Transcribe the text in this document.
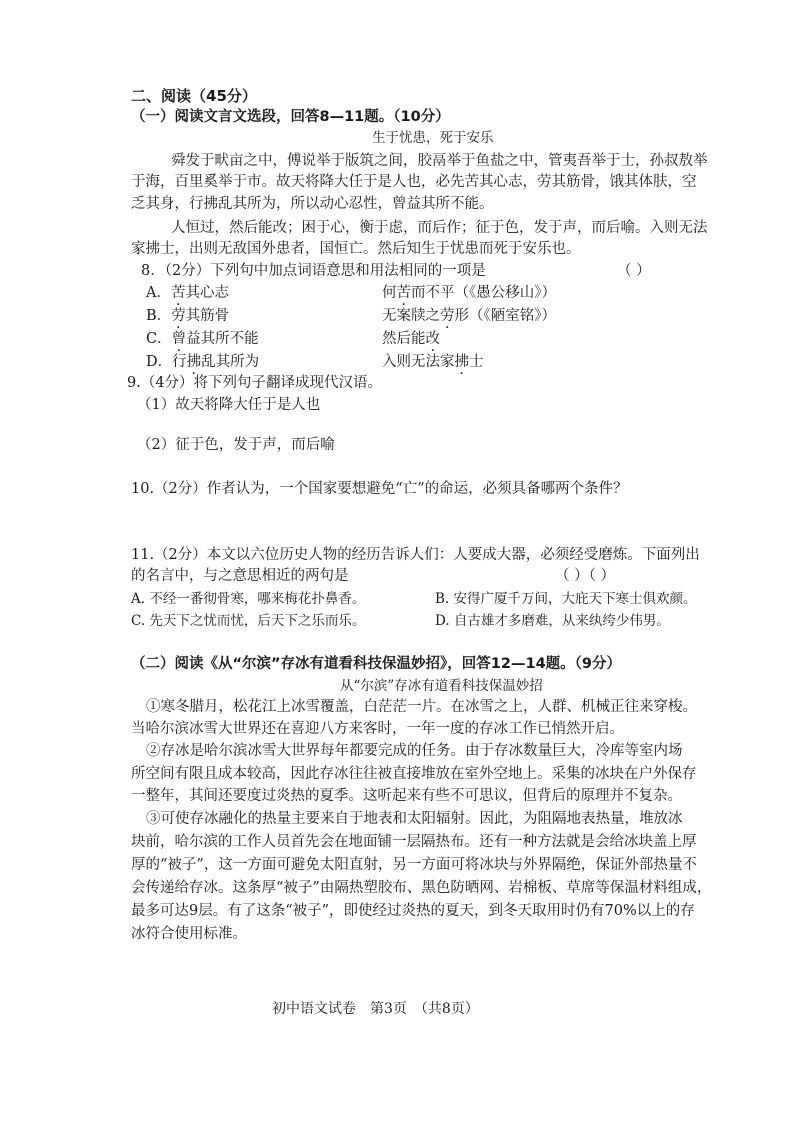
二、阅读（45分）
（一）阅读文言文选段，回答8—11题。（10分）
生于忧患，死于安乐
舜发于畎亩之中，傅说举于版筑之间，胶鬲举于鱼盐之中，管夷吾举于士，孙叔敖举
于海，百里奚举于市。故天将降大任于是人也，必先苦其心志，劳其筋骨，饿其体肤，空
乏其身，行拂乱其所为，所以动心忍性，曾益其所不能。
人恒过，然后能改；困于心，衡于虑，而后作；征于色，发于声，而后喻。入则无法
家拂士，出则无敌国外患者，国恒亡。然后知生于忧患而死于安乐也。
8．（2分）下列句中加点词语意思和用法相同的一项是	（ ）
A．苦其心志	何苦而不平（《愚公移山》）
B．劳其筋骨	无案牍之劳形（《陋室铭》）
C．曾益其所不能	然后能改
D．行拂乱其所为	入则无法家拂士
9.（4分）将下列句子翻译成现代汉语。
（1）故天将降大任于是人也
（2）征于色，发于声，而后喻
10.（2分）作者认为，一个国家要想避免“亡”的命运，必须具备哪两个条件？
11.（2分）本文以六位历史人物的经历告诉人们：人要成大器，必须经受磨炼。下面列出
的名言中，与之意思相近的两句是	（ ）（ ）
A. 不经一番彻骨寒，哪来梅花扑鼻香。	B. 安得广厦千万间，大庇天下寒士俱欢颜。
C. 先天下之忧而忧，后天下之乐而乐。	D. 自古雄才多磨难，从来纨绔少伟男。
（二）阅读《从“尔滨”存冰有道看科技保温妙招》，回答12—14题。（9分）
从“尔滨”存冰有道看科技保温妙招
①寒冬腊月，松花江上冰雪覆盖，白茫茫一片。在冰雪之上，人群、机械正往来穿梭。
当哈尔滨冰雪大世界还在喜迎八方来客时，一年一度的存冰工作已悄然开启。
②存冰是哈尔滨冰雪大世界每年都要完成的任务。由于存冰数量巨大，冷库等室内场
所空间有限且成本较高，因此存冰往往被直接堆放在室外空地上。采集的冰块在户外保存
一整年，其间还要度过炎热的夏季。这听起来有些不可思议，但背后的原理并不复杂。
③可使存冰融化的热量主要来自于地表和太阳辐射。因此，为阻隔地表热量，堆放冰
块前，哈尔滨的工作人员首先会在地面铺一层隔热布。还有一种方法就是会给冰块盖上厚
厚的“被子”，这一方面可避免太阳直射，另一方面可将冰块与外界隔绝，保证外部热量不
会传递给存冰。这条厚“被子”由隔热塑胶布、黑色防晒网、岩棉板、草席等保温材料组成，
最多可达9层。有了这条“被子”，即使经过炎热的夏天，到冬天取用时仍有70%以上的存
冰符合使用标准。
初中语文试卷　第3页　（共8页）
